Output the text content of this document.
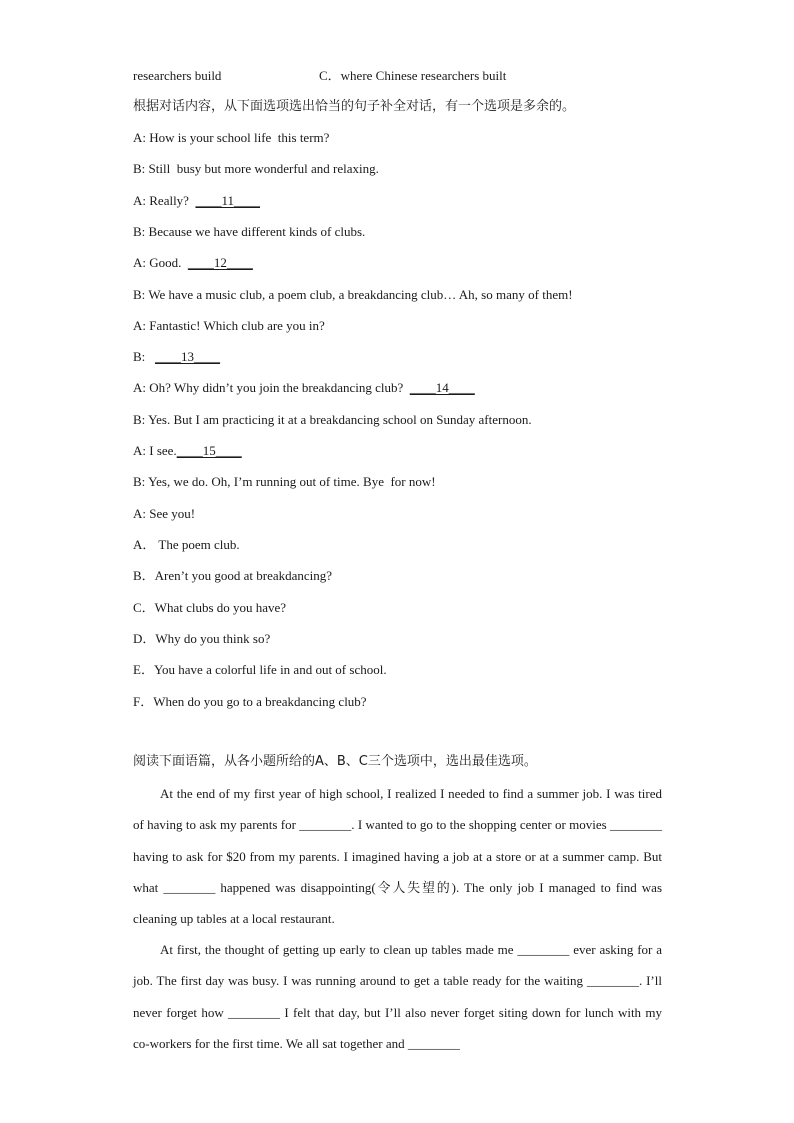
researchers build	C．where Chinese researchers built
根据对话内容，从下面选项选出恰当的句子补全对话，有一个选项是多余的。
A: How is your school life  this term?
B: Still  busy but more wonderful and relaxing.
A: Really?  ____11____
B: Because we have different kinds of clubs.
A: Good.  ____12____
B: We have a music club, a poem club, a breakdancing club… Ah, so many of them!
A: Fantastic! Which club are you in?
B:   ____13____
A: Oh? Why didn’t you join the breakdancing club?  ____14____
B: Yes. But I am practicing it at a breakdancing school on Sunday afternoon.
A: I see.____15____
B: Yes, we do. Oh, I’m running out of time. Bye  for now!
A: See you!
A． The poem club.
B．Aren’t you good at breakdancing?
C．What clubs do you have?
D．Why do you think so?
E．You have a colorful life in and out of school.
F．When do you go to a breakdancing club?
阅读下面语篇，从各小题所给的A、B、C三个选项中，选出最佳选项。
At the end of my first year of high school, I realized I needed to find a summer job. I was tired of having to ask my parents for ________. I wanted to go to the shopping center or movies ________ having to ask for $20 from my parents. I imagined having a job at a store or at a summer camp. But what ________ happened was disappointing(令人失望的). The only job I managed to find was cleaning up tables at a local restaurant.
At first, the thought of getting up early to clean up tables made me ________ ever asking for a job. The first day was busy. I was running around to get a table ready for the waiting ________. I’ll never forget how ________ I felt that day, but I’ll also never forget siting down for lunch with my co-workers for the first time. We all sat together and ________
